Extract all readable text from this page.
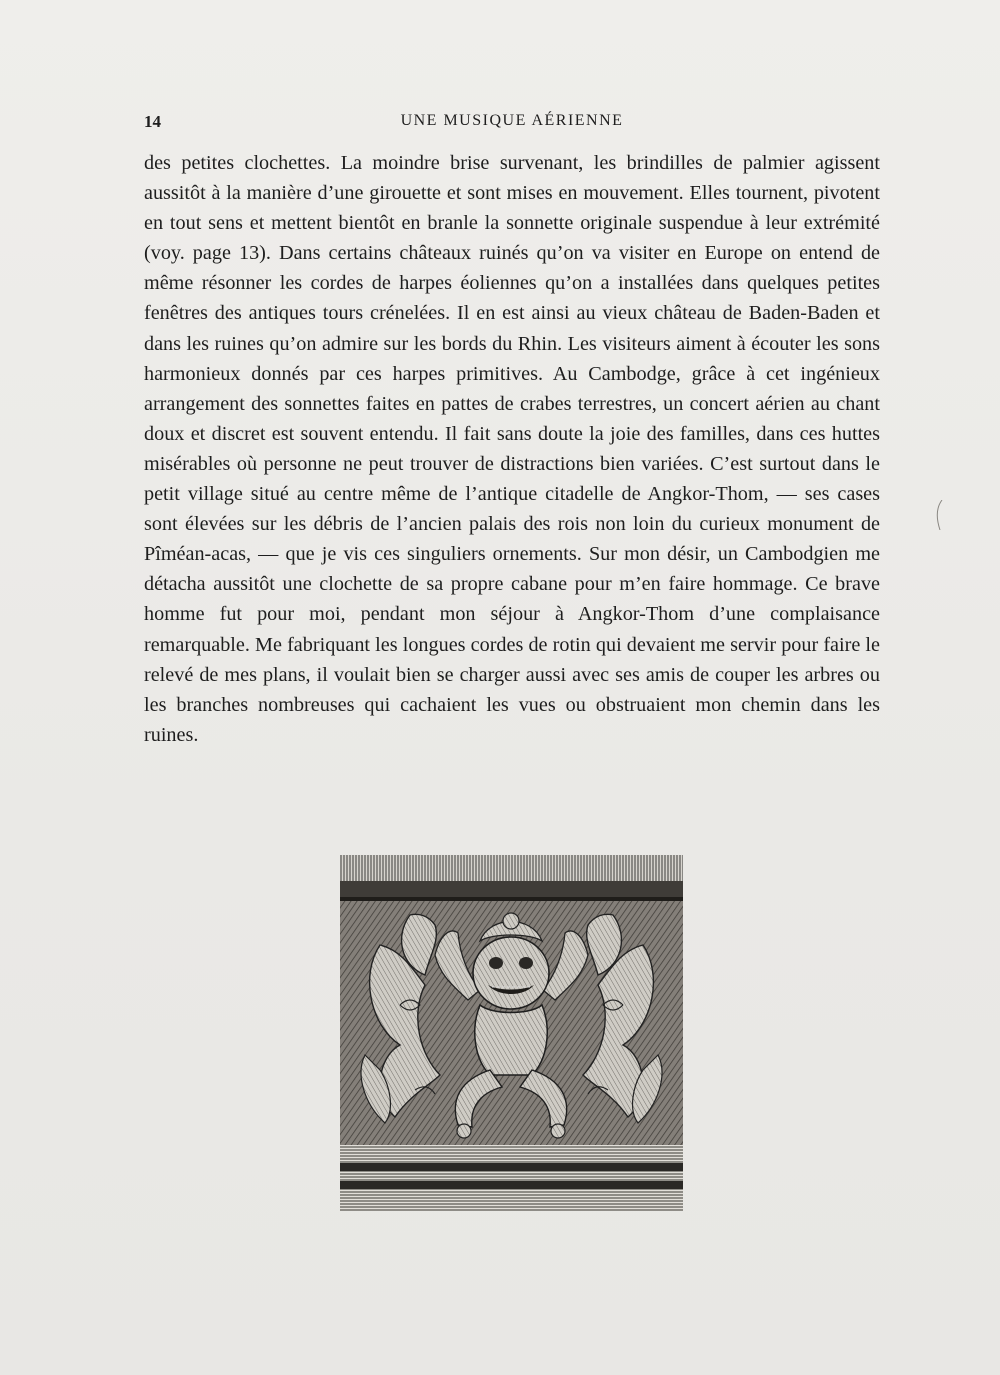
14	UNE MUSIQUE AÉRIENNE

des petites clochettes. La moindre brise survenant, les brindilles de palmier agissent aussitôt à la manière d’une girouette et sont mises en mouvement. Elles tournent, pivotent en tout sens et mettent bientôt en branle la sonnette originale suspendue à leur extrémité (voy. page 13). Dans certains châteaux ruinés qu’on va visiter en Europe on entend de même résonner les cordes de harpes éoliennes qu’on a installées dans quelques petites fenêtres des antiques tours crénelées. Il en est ainsi au vieux château de Baden-Baden et dans les ruines qu’on admire sur les bords du Rhin. Les visiteurs aiment à écouter les sons harmonieux donnés par ces harpes primitives. Au Cambodge, grâce à cet ingénieux arrangement des sonnettes faites en pattes de crabes terrestres, un concert aérien au chant doux et discret est souvent entendu. Il fait sans doute la joie des familles, dans ces huttes misérables où personne ne peut trouver de distractions bien variées. C’est surtout dans le petit village situé au centre même de l’antique citadelle de Angkor-Thom, — ses cases sont élevées sur les débris de l’ancien palais des rois non loin du curieux monument de Pîméan-acas, — que je vis ces singuliers ornements. Sur mon désir, un Cambodgien me détacha aussitôt une clochette de sa propre cabane pour m’en faire hommage. Ce brave homme fut pour moi, pendant mon séjour à Angkor-Thom d’une complaisance remarquable. Me fabriquant les longues cordes de rotin qui devaient me servir pour faire le relevé de mes plans, il voulait bien se charger aussi avec ses amis de couper les arbres ou les branches nombreuses qui cachaient les vues ou obstruaient mon chemin dans les ruines.
